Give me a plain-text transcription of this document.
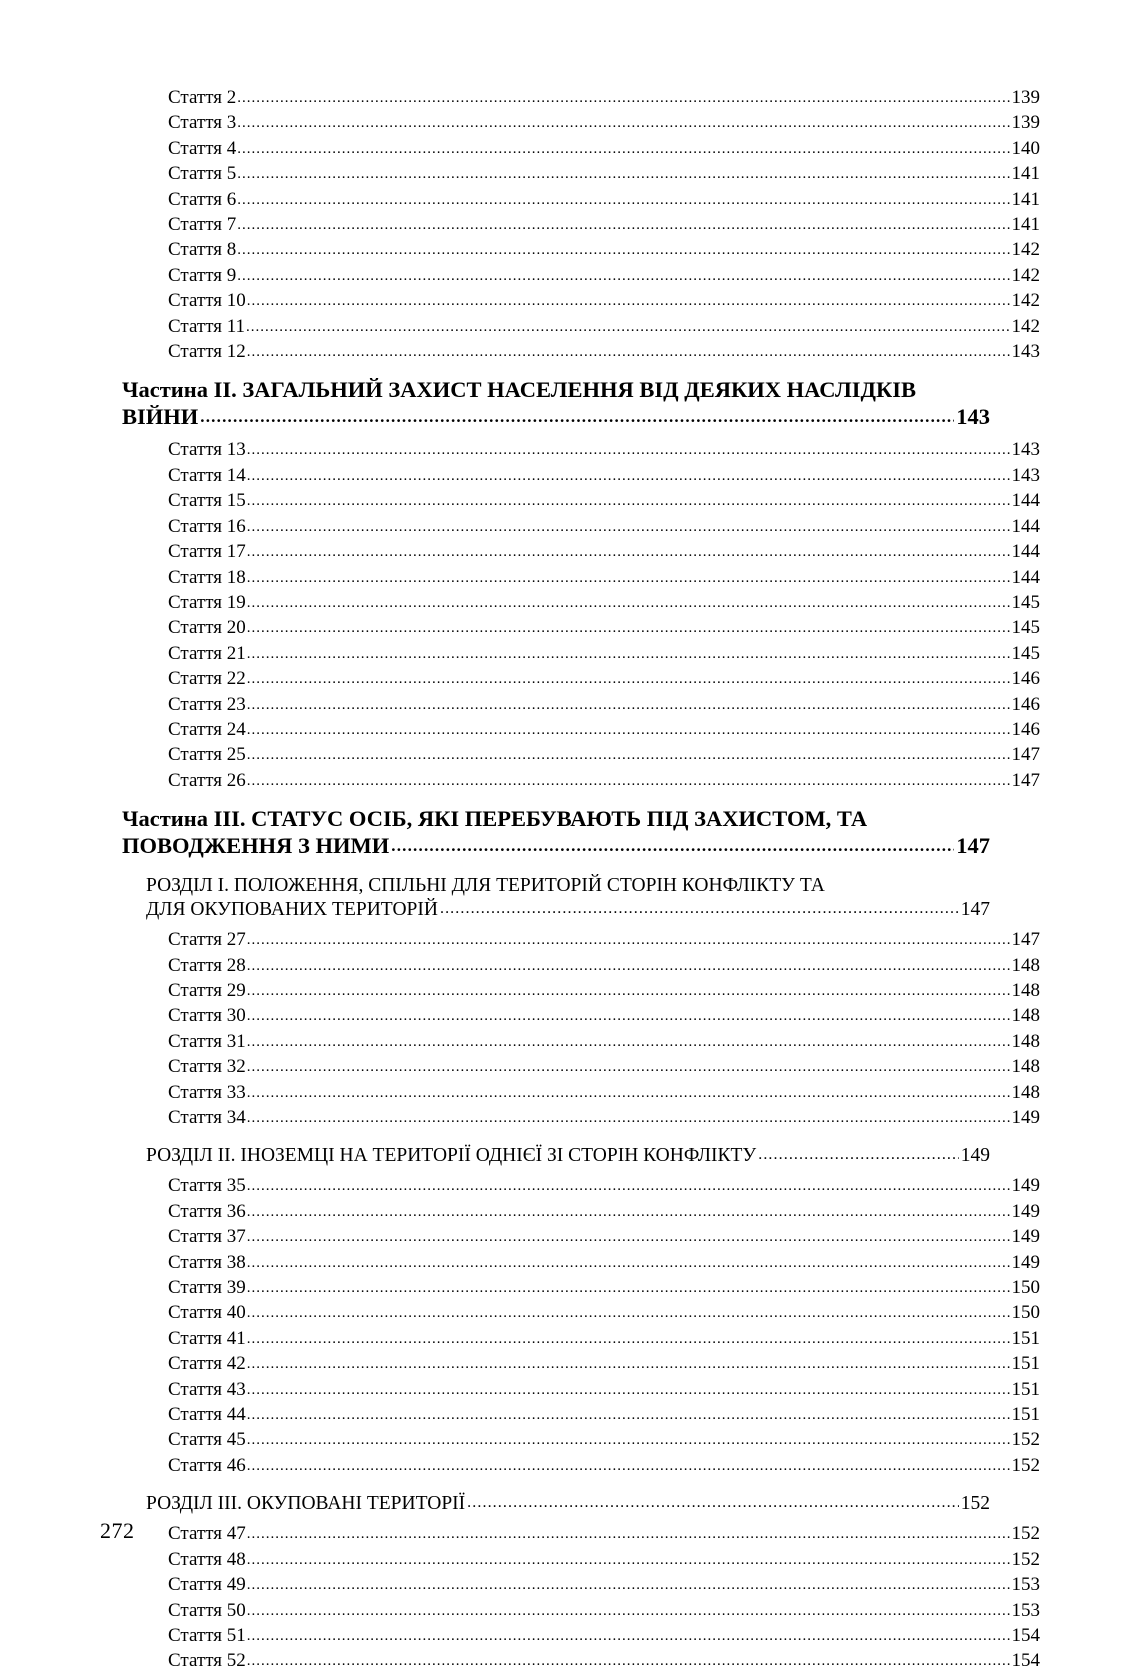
Стаття 2 .....	139
Стаття 3 .....	139
Стаття 4 .....	140
Стаття 5 .....	141
Стаття 6 .....	141
Стаття 7 .....	141
Стаття 8 .....	142
Стаття 9 .....	142
Стаття 10 .....	142
Стаття 11 .....	142
Стаття 12 .....	143
Частина II. ЗАГАЛЬНИЙ ЗАХИСТ НАСЕЛЕННЯ ВІД ДЕЯКИХ НАСЛІДКІВ
ВІЙНИ .....	143
Стаття 13 .....	143
Стаття 14 .....	143
Стаття 15 .....	144
Стаття 16 .....	144
Стаття 17 .....	144
Стаття 18 .....	144
Стаття 19 .....	145
Стаття 20 .....	145
Стаття 21 .....	145
Стаття 22 .....	146
Стаття 23 .....	146
Стаття 24 .....	146
Стаття 25 .....	147
Стаття 26 .....	147
Частина III. СТАТУС ОСІБ, ЯКІ ПЕРЕБУВАЮТЬ ПІД ЗАХИСТОМ, ТА
ПОВОДЖЕННЯ З НИМИ .....	147
РОЗДІЛ I. ПОЛОЖЕННЯ, СПІЛЬНІ ДЛЯ ТЕРИТОРІЙ СТОРІН КОНФЛІКТУ ТА
ДЛЯ ОКУПОВАНИХ ТЕРИТОРІЙ .....	147
Стаття 27 .....	147
Стаття 28 .....	148
Стаття 29 .....	148
Стаття 30 .....	148
Стаття 31 .....	148
Стаття 32 .....	148
Стаття 33 .....	148
Стаття 34 .....	149
РОЗДІЛ II. ІНОЗЕМЦІ НА ТЕРИТОРІЇ ОДНІЄЇ ЗІ СТОРІН КОНФЛІКТУ .....	149
Стаття 35 .....	149
Стаття 36 .....	149
Стаття 37 .....	149
Стаття 38 .....	149
Стаття 39 .....	150
Стаття 40 .....	150
Стаття 41 .....	151
Стаття 42 .....	151
Стаття 43 .....	151
Стаття 44 .....	151
Стаття 45 .....	152
Стаття 46 .....	152
РОЗДІЛ III. ОКУПОВАНІ ТЕРИТОРІЇ .....	152
Стаття 47 .....	152
Стаття 48 .....	152
Стаття 49 .....	153
Стаття 50 .....	153
Стаття 51 .....	154
Стаття 52 .....	154
272
